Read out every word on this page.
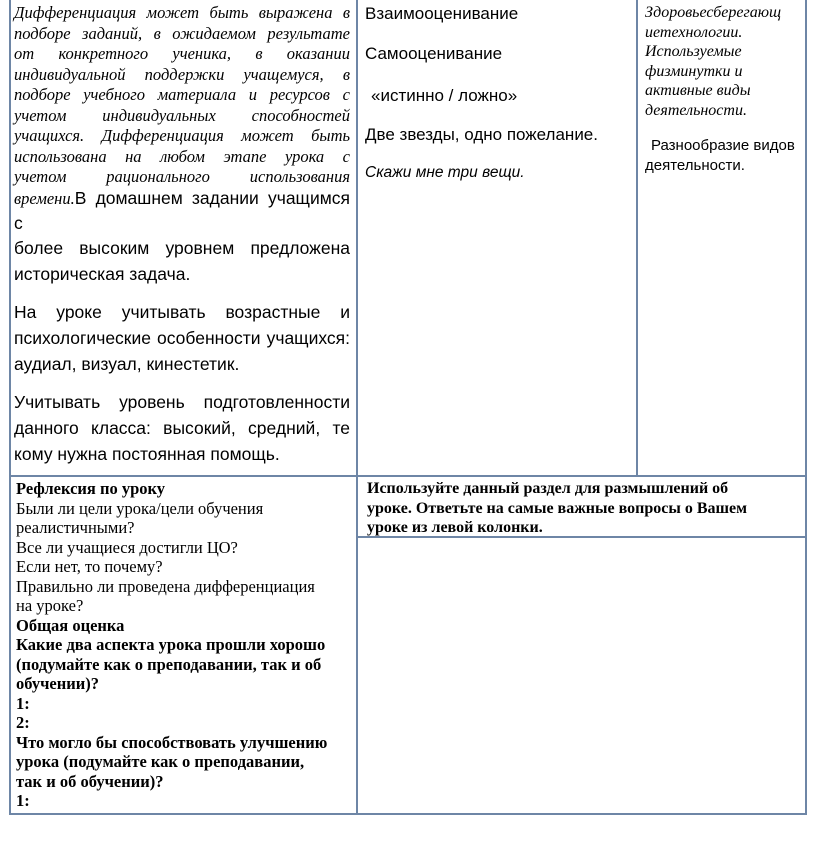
Дифференциация может быть выражена в
подборе заданий, в ожидаемом результате
от конкретного ученика, в оказании
индивидуальной поддержки учащемуся, в
подборе учебного материала и ресурсов с
учетом индивидуальных способностей
учащихся. Дифференциация может быть
использована на любом этапе урока с
учетом рационального использования
времени.В домашнем задании учащимся с
более высоким уровнем предложена
историческая задача.
На уроке учитывать возрастные и
психологические особенности учащихся:
аудиал, визуал, кинестетик.
Учитывать уровень подготовленности
данного класса: высокий, средний, те
кому нужна постоянная помощь.

Взаимооценивание

Самооценивание

«истинно / ложно»

Две звезды, одно пожелание.

Скажи мне три вещи.

Здоровьесберегающ
иетехнологии.
Используемые
физминутки и
активные виды
деятельности.
Разнообразие видов
деятельности.

Рефлексия по уроку

Были ли цели урока/цели обучения
реалистичными?
Все ли учащиеся достигли ЦО?
Если нет, то почему?
Правильно ли проведена дифференциация
на уроке?

Общая оценка

Какие два аспекта урока прошли хорошо
(подумайте как о преподавании, так и об
обучении)?
1:
2:
Что могло бы способствовать улучшению
урока (подумайте как о преподавании,
так и об обучении)?
1:
Используйте данный раздел для размышлений об
уроке. Ответьте на самые важные вопросы о Вашем
уроке из левой колонки.
